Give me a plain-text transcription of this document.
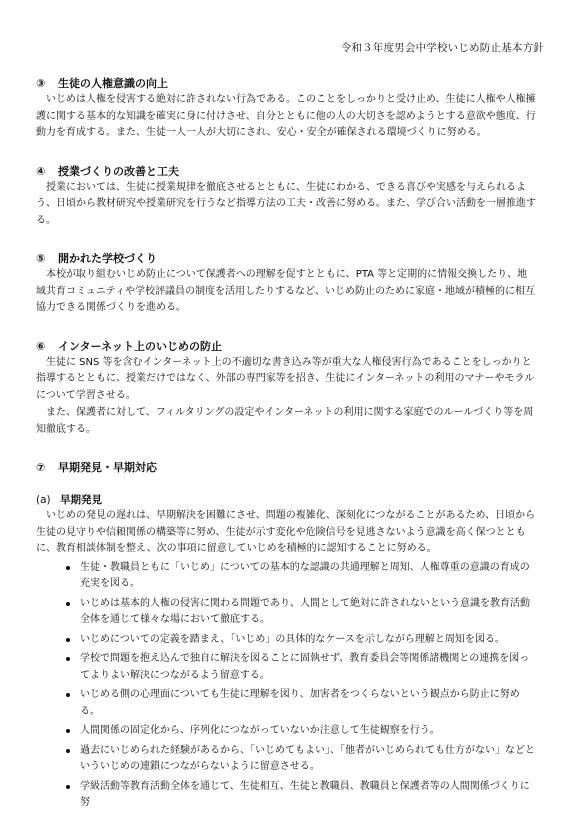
令和３年度男会中学校いじめ防止基本方針

③ 生徒の人権意識の向上

いじめは人権を侵害する絶対に許されない行為である。このことをしっかりと受け止め、生徒に人権や人権擁護に関する基本的な知識を確実に身に付けさせ、自分とともに他の人の大切さを認めようとする意欲や態度、行動力を育成する。また、生徒一人一人が大切にされ、安心・安全が確保される環境づくりに努める。

④ 授業づくりの改善と工夫

授業においては、生徒に授業規律を徹底させるとともに、生徒にわかる、できる喜びや実感を与えられるよう、日頃から教材研究や授業研究を行うなど指導方法の工夫・改善に努める。また、学び合い活動を一層推進する。

⑤ 開かれた学校づくり

本校が取り組むいじめ防止について保護者への理解を促すとともに、PTA 等と定期的に情報交換したり、地域共育コミュニティや学校評議員の制度を活用したりするなど、いじめ防止のために家庭・地域が積極的に相互協力できる関係づくりを進める。

⑥ インターネット上のいじめの防止

生徒に SNS 等を含むインターネット上の不適切な書き込み等が重大な人権侵害行為であることをしっかりと指導するとともに、授業だけではなく、外部の専門家等を招き、生徒にインターネットの利用のマナーやモラルについて学習させる。

また、保護者に対して、フィルタリングの設定やインターネットの利用に関する家庭でのルールづくり等を周知徹底する。

⑦ 早期発見・早期対応

(a) 早期発見

いじめの発見の遅れは、早期解決を困難にさせ、問題の複雑化、深刻化につながることがあるため、日頃から生徒の見守りや信頼関係の構築等に努め、生徒が示す変化や危険信号を見逃さないよう意識を高く保つとともに、教育相談体制を整え、次の事項に留意していじめを積極的に認知することに努める。

生徒・教職員ともに「いじめ」についての基本的な認識の共通理解と周知、人権尊重の意識の育成の充実を図る。
いじめは基本的人権の侵害に関わる問題であり、人間として絶対に許されないという意識を教育活動全体を通じて様々な場において徹底する。
いじめについての定義を踏まえ、「いじめ」の具体的なケースを示しながら理解と周知を図る。
学校で問題を抱え込んで独自に解決を図ることに固執せず、教育委員会等関係諸機関との連携を図ってよりよい解決につながるよう留意する。
いじめる側の心理面についても生徒に理解を図り、加害者をつくらないという観点から防止に努める。
人間関係の固定化から、序列化につながっていないか注意して生徒観察を行う。
過去にいじめられた経験があるから、「いじめてもよい」、「他者がいじめられても仕方がない」などといういじめの連鎖につながらないように留意させる。
学級活動等教育活動全体を通じて、生徒相互、生徒と教職員、教職員と保護者等の人間関係づくりに努
